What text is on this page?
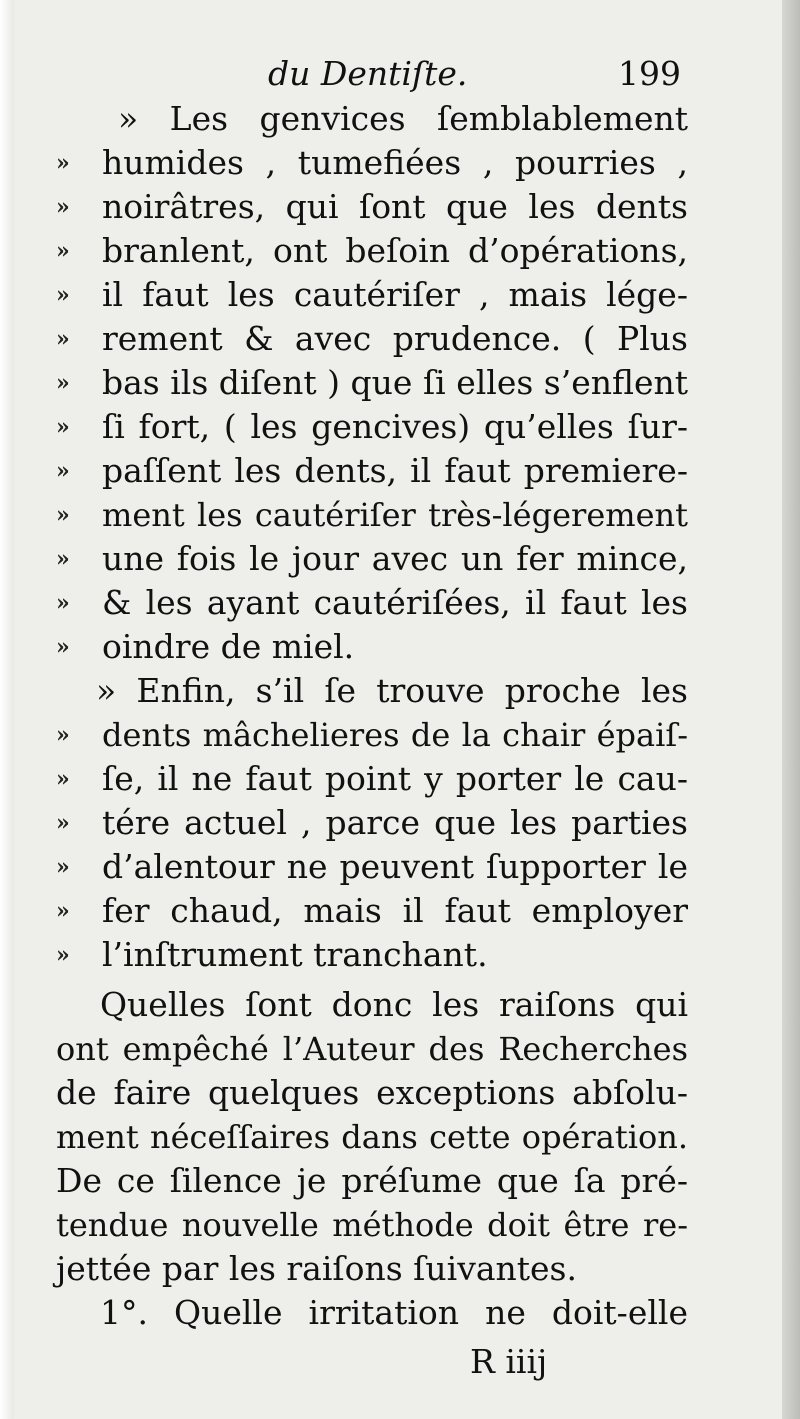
du Dentiſte.	199
» Les genvices ſemblablement
» humides , tumefiées , pourries ,
» noirâtres, qui ſont que les dents
» branlent, ont beſoin d’opérations,
» il faut les cautériſer , mais lége-
» rement & avec prudence. ( Plus
» bas ils diſent ) que ſi elles s’enflent
» ſi fort, ( les gencives) qu’elles ſur-
» paſſent les dents, il faut premiere-
» ment les cautériſer très-légerement
» une fois le jour avec un fer mince,
» & les ayant cautériſées, il faut les
» oindre de miel.
» Enfin, s’il ſe trouve proche les
» dents mâchelieres de la chair épaiſ-
» ſe, il ne faut point y porter le cau-
» tére actuel , parce que les parties
» d’alentour ne peuvent ſupporter le
» fer chaud, mais il faut employer
» l’inſtrument tranchant.
Quelles ſont donc les raiſons qui
ont empêché l’Auteur des Recherches
de faire quelques exceptions abſolu-
ment néceſſaires dans cette opération.
De ce ſilence je préſume que ſa pré-
tendue nouvelle méthode doit être re-
jettée par les raiſons ſuivantes.
1°. Quelle irritation ne doit-elle
R iiij
